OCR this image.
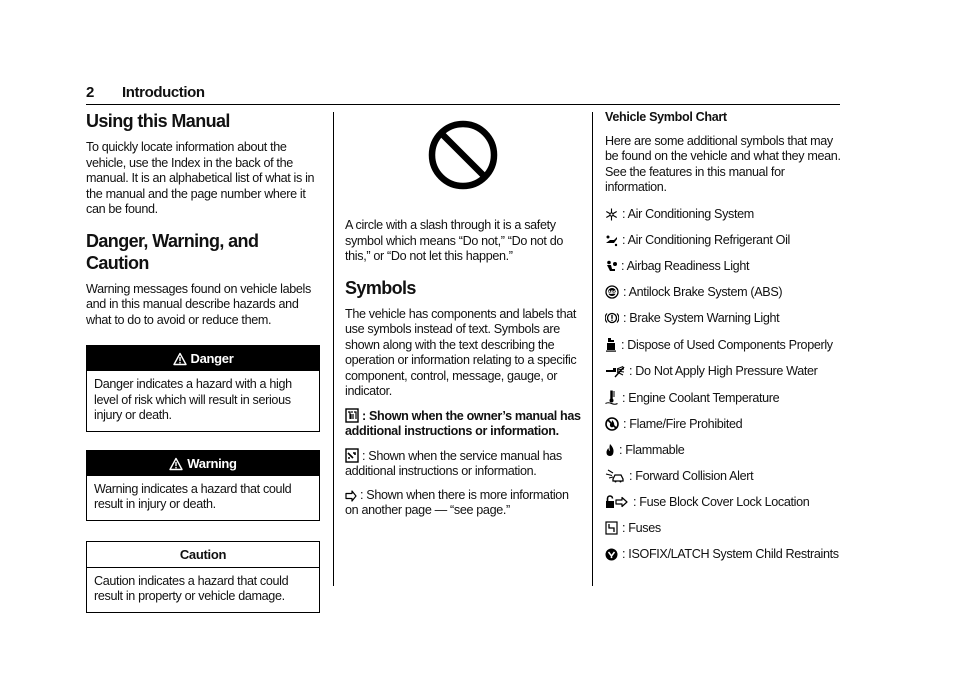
2 Introduction
Using this Manual

To quickly locate information about the vehicle, use the Index in the back of the manual. It is an alphabetical list of what is in the manual and the page number where it can be found.

Danger, Warning, and Caution

Warning messages found on vehicle labels and in this manual describe hazards and what to do to avoid or reduce them.

Danger

Danger indicates a hazard with a high level of risk which will result in serious injury or death.

Warning

Warning indicates a hazard that could result in injury or death.

Caution

Caution indicates a hazard that could result in property or vehicle damage.

A circle with a slash through it is a safety symbol which means “Do not,” “Do not do this,” or “Do not let this happen.”

Symbols

The vehicle has components and labels that use symbols instead of text. Symbols are shown along with the text describing the operation or information relating to a specific component, control, message, gauge, or indicator.

: Shown when the owner’s manual has additional instructions or information.

: Shown when the service manual has additional instructions or information.

: Shown when there is more information on another page — “see page.”

Vehicle Symbol Chart

Here are some additional symbols that may be found on the vehicle and what they mean. See the features in this manual for information.

: Air Conditioning System
: Air Conditioning Refrigerant Oil
: Airbag Readiness Light
ABS : Antilock Brake System (ABS)
: Brake System Warning Light
: Dispose of Used Components Properly
: Do Not Apply High Pressure Water
: Engine Coolant Temperature
: Flame/Fire Prohibited
: Flammable
: Forward Collision Alert
: Fuse Block Cover Lock Location
: Fuses
: ISOFIX/LATCH System Child Restraints
